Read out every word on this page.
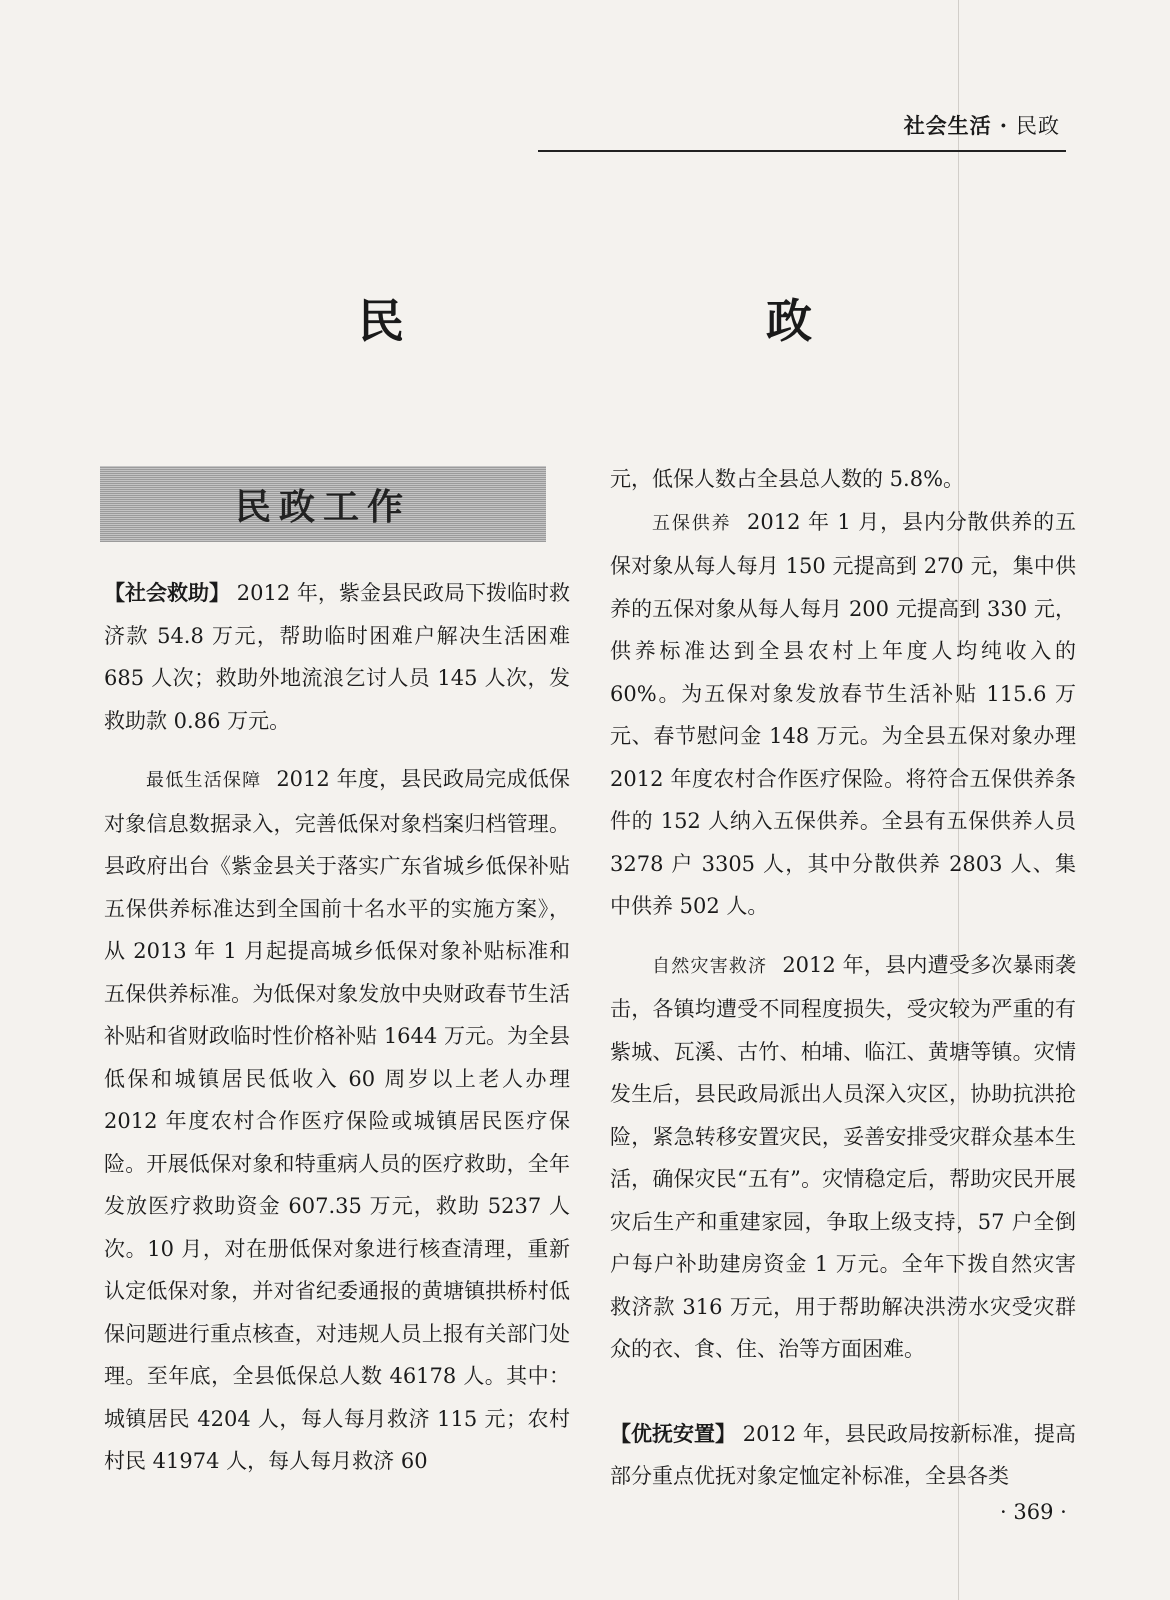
社会生活 · 民政
民　　政
民政工作

【社会救助】 2012 年，紫金县民政局下拨临时救济款 54.8 万元，帮助临时困难户解决生活困难 685 人次；救助外地流浪乞讨人员 145 人次，发救助款 0.86 万元。

最低生活保障 2012 年度，县民政局完成低保对象信息数据录入，完善低保对象档案归档管理。县政府出台《紫金县关于落实广东省城乡低保补贴五保供养标准达到全国前十名水平的实施方案》，从 2013 年 1 月起提高城乡低保对象补贴标准和五保供养标准。为低保对象发放中央财政春节生活补贴和省财政临时性价格补贴 1644 万元。为全县低保和城镇居民低收入 60 周岁以上老人办理 2012 年度农村合作医疗保险或城镇居民医疗保险。开展低保对象和特重病人员的医疗救助，全年发放医疗救助资金 607.35 万元，救助 5237 人次。10 月，对在册低保对象进行核查清理，重新认定低保对象，并对省纪委通报的黄塘镇拱桥村低保问题进行重点核查，对违规人员上报有关部门处理。至年底，全县低保总人数 46178 人。其中：城镇居民 4204 人，每人每月救济 115 元；农村村民 41974 人，每人每月救济 60

元，低保人数占全县总人数的 5.8%。

五保供养 2012 年 1 月，县内分散供养的五保对象从每人每月 150 元提高到 270 元，集中供养的五保对象从每人每月 200 元提高到 330 元，供养标准达到全县农村上年度人均纯收入的 60%。为五保对象发放春节生活补贴 115.6 万元、春节慰问金 148 万元。为全县五保对象办理 2012 年度农村合作医疗保险。将符合五保供养条件的 152 人纳入五保供养。全县有五保供养人员 3278 户 3305 人，其中分散供养 2803 人、集中供养 502 人。

自然灾害救济 2012 年，县内遭受多次暴雨袭击，各镇均遭受不同程度损失，受灾较为严重的有紫城、瓦溪、古竹、柏埔、临江、黄塘等镇。灾情发生后，县民政局派出人员深入灾区，协助抗洪抢险，紧急转移安置灾民，妥善安排受灾群众基本生活，确保灾民“五有”。灾情稳定后，帮助灾民开展灾后生产和重建家园，争取上级支持，57 户全倒户每户补助建房资金 1 万元。全年下拨自然灾害救济款 316 万元，用于帮助解决洪涝水灾受灾群众的衣、食、住、治等方面困难。

【优抚安置】 2012 年，县民政局按新标准，提高部分重点优抚对象定恤定补标准，全县各类

· 369 ·
